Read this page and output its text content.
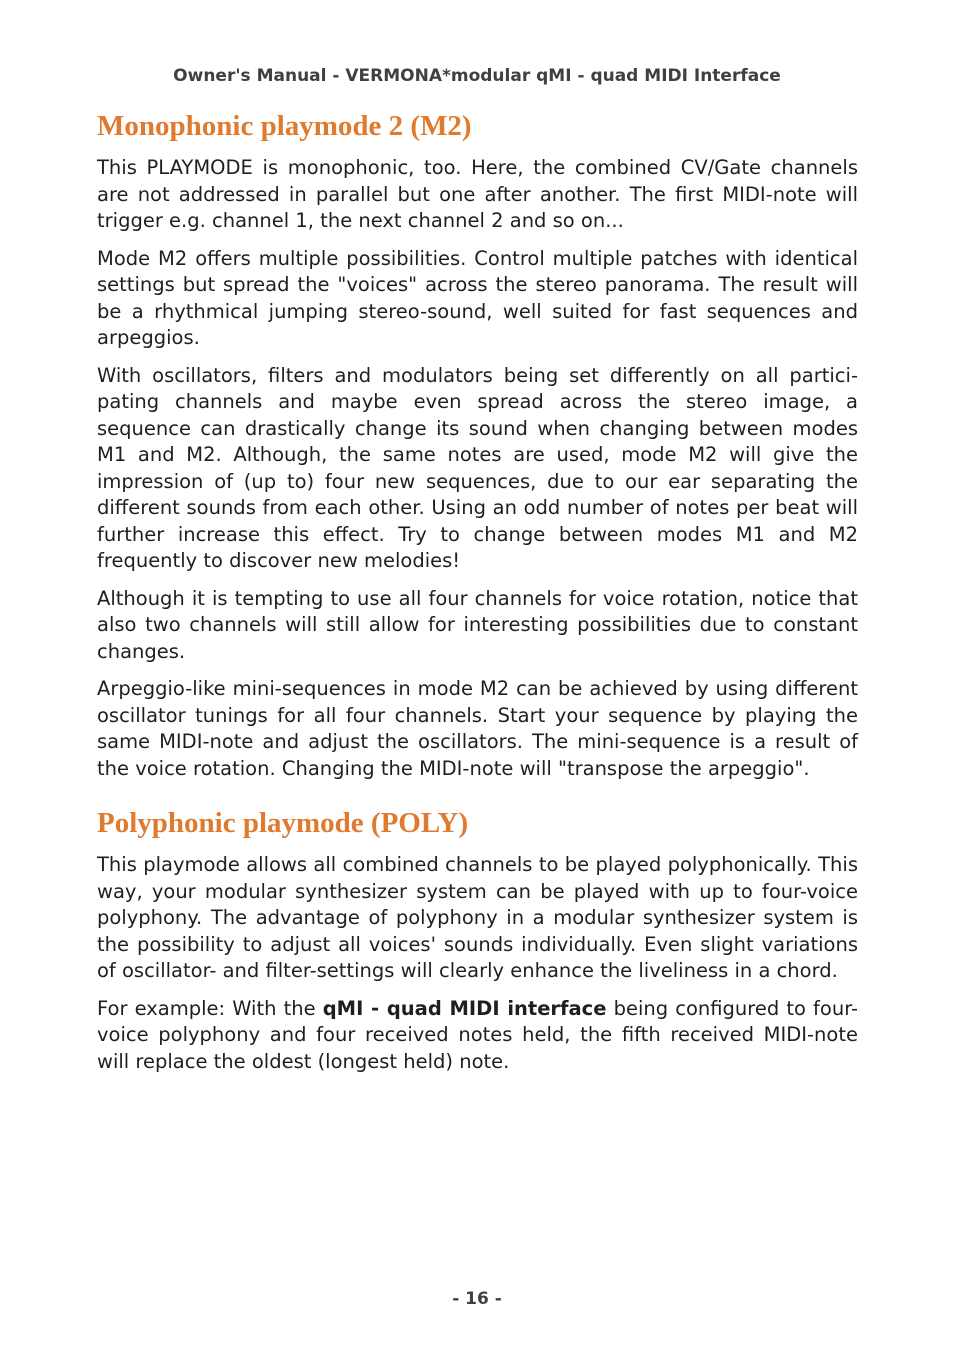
Owner's Manual - VERMONA*modular qMI - quad MIDI Interface
Monophonic playmode 2 (M2)

This PLAYMODE is monophonic, too. Here, the combined CV/Gate channels are not addressed in parallel but one after another. The first MIDI-note will trigger e.g. channel 1, the next channel 2 and so on...

Mode M2 offers multiple possibilities. Control multiple patches with identical settings but spread the "voices" across the stereo panorama. The result will be a rhythmical jumping stereo-sound, well suited for fast sequences and arpeggios.

With oscillators, filters and modulators being set differently on all participating channels and maybe even spread across the stereo image, a sequence can drastically change its sound when changing between modes M1 and M2. Although, the same notes are used, mode M2 will give the impression of (up to) four new sequences, due to our ear separating the different sounds from each other. Using an odd number of notes per beat will further increase this effect. Try to change between modes M1 and M2 frequently to discover new melodies!

Although it is tempting to use all four channels for voice rotation, notice that also two channels will still allow for interesting possibilities due to constant changes.

Arpeggio-like mini-sequences in mode M2 can be achieved by using different oscillator tunings for all four channels. Start your sequence by playing the same MIDI-note and adjust the oscillators. The mini-sequence is a result of the voice rotation. Changing the MIDI-note will "transpose the arpeggio".

Polyphonic playmode (POLY)

This playmode allows all combined channels to be played polyphonically. This way, your modular synthesizer system can be played with up to four-voice polyphony. The advantage of polyphony in a modular synthesizer system is the possibility to adjust all voices' sounds individually. Even slight variations of oscillator- and filter-settings will clearly enhance the liveliness in a chord.

For example: With the qMI - quad MIDI interface being configured to four-voice polyphony and four received notes held, the fifth received MIDI-note will replace the oldest (longest held) note.

- 16 -
